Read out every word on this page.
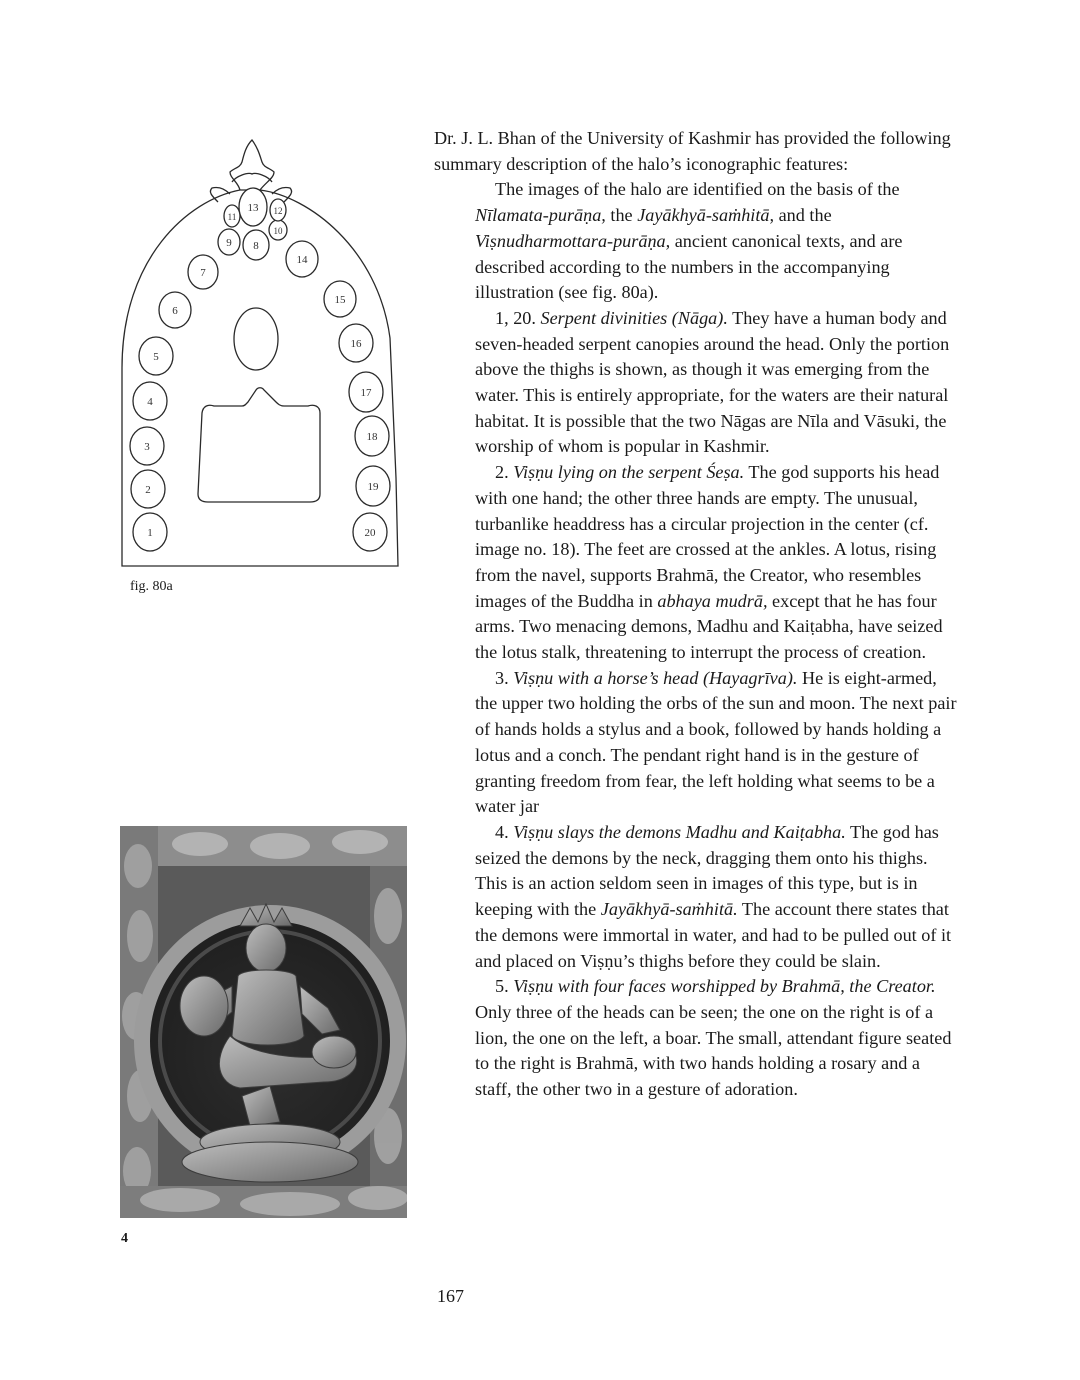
1
2
3
4
5
6
7
8
9
10
11
12
13
14
15
16
17
18
19
20
fig. 80a
4

Dr. J. L. Bhan of the University of Kashmir has provided the following summary description of the halo’s iconographic features:

The images of the halo are identified on the basis of the Nīlamata-purāṇa, the Jayākhyā-saṁhitā, and the Viṣnudharmottara-purāṇa, ancient canonical texts, and are described according to the numbers in the accompanying illustration (see fig. 80a).

1, 20. Serpent divinities (Nāga). They have a human body and seven-headed serpent canopies around the head. Only the portion above the thighs is shown, as though it was emerging from the water. This is entirely appropriate, for the waters are their natural habitat. It is possible that the two Nāgas are Nīla and Vāsuki, the worship of whom is popular in Kashmir.

2. Viṣṇu lying on the serpent Śeṣa. The god supports his head with one hand; the other three hands are empty. The unusual, turbanlike headdress has a circular projection in the center (cf. image no. 18). The feet are crossed at the ankles. A lotus, rising from the navel, supports Brahmā, the Creator, who resembles images of the Buddha in abhaya mudrā, except that he has four arms. Two menacing demons, Madhu and Kaiṭabha, have seized the lotus stalk, threatening to interrupt the process of creation.

3. Viṣṇu with a horse’s head (Hayagrīva). He is eight-armed, the upper two holding the orbs of the sun and moon. The next pair of hands holds a stylus and a book, followed by hands holding a lotus and a conch. The pendant right hand is in the gesture of granting freedom from fear, the left holding what seems to be a water jar

4. Viṣṇu slays the demons Madhu and Kaiṭabha. The god has seized the demons by the neck, dragging them onto his thighs. This is an action seldom seen in images of this type, but is in keeping with the Jayākhyā-saṁhitā. The account there states that the demons were immortal in water, and had to be pulled out of it and placed on Viṣṇu’s thighs before they could be slain.

5. Viṣṇu with four faces worshipped by Brahmā, the Creator. Only three of the heads can be seen; the one on the right is of a lion, the one on the left, a boar. The small, attendant figure seated to the right is Brahmā, with two hands holding a rosary and a staff, the other two in a gesture of adoration.

167
